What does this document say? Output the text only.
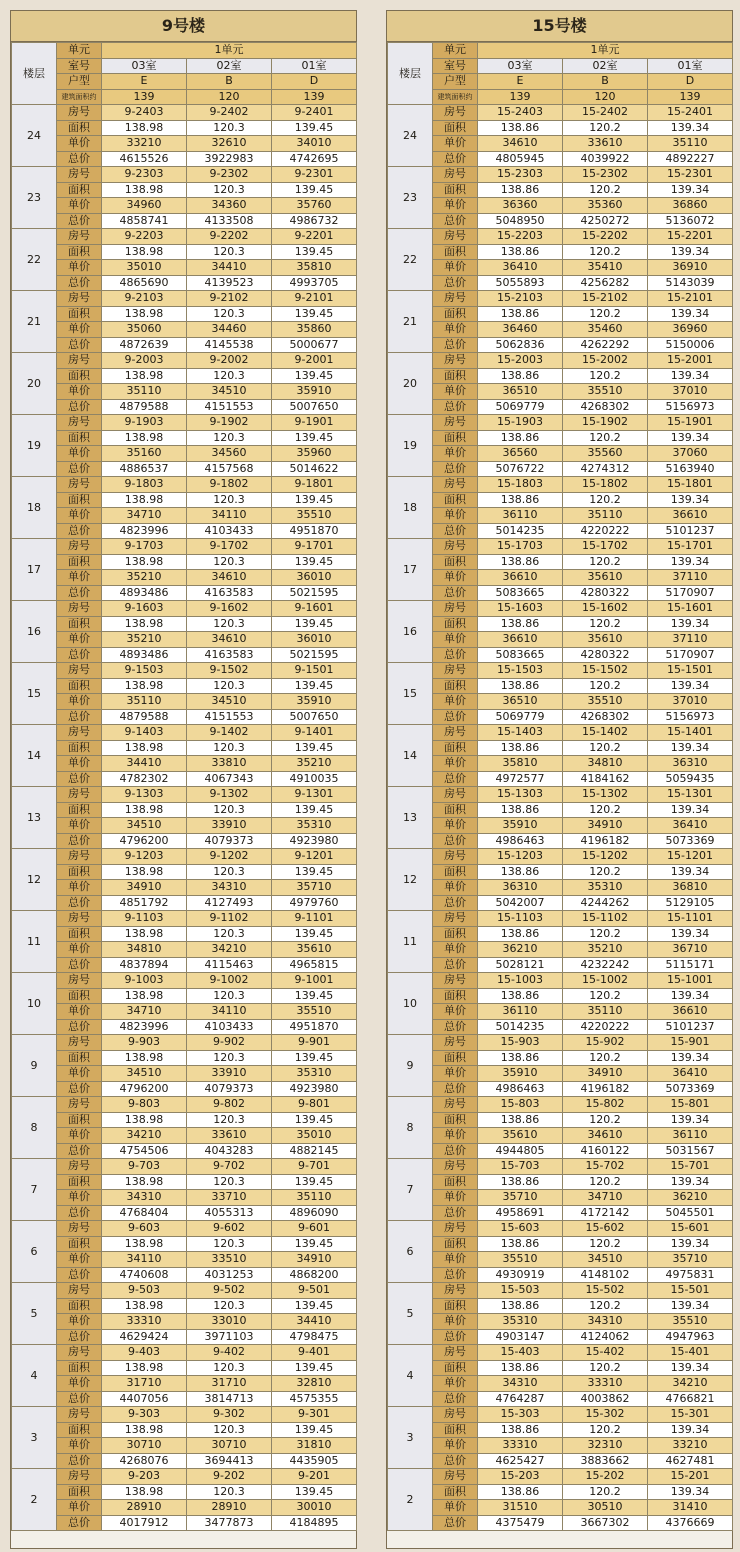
9号楼
楼层	单元	1单元		
	室号	03室	02室	01室
	户型	E	B	D
	建筑面积约	139	120	139
24	房号	9-2403	9-2402	9-2401
	面积	138.98	120.3	139.45
	单价	33210	32610	34010
	总价	4615526	3922983	4742695
23	房号	9-2303	9-2302	9-2301
	面积	138.98	120.3	139.45
	单价	34960	34360	35760
	总价	4858741	4133508	4986732
22	房号	9-2203	9-2202	9-2201
	面积	138.98	120.3	139.45
	单价	35010	34410	35810
	总价	4865690	4139523	4993705
21	房号	9-2103	9-2102	9-2101
	面积	138.98	120.3	139.45
	单价	35060	34460	35860
	总价	4872639	4145538	5000677
20	房号	9-2003	9-2002	9-2001
	面积	138.98	120.3	139.45
	单价	35110	34510	35910
	总价	4879588	4151553	5007650
19	房号	9-1903	9-1902	9-1901
	面积	138.98	120.3	139.45
	单价	35160	34560	35960
	总价	4886537	4157568	5014622
18	房号	9-1803	9-1802	9-1801
	面积	138.98	120.3	139.45
	单价	34710	34110	35510
	总价	4823996	4103433	4951870
17	房号	9-1703	9-1702	9-1701
	面积	138.98	120.3	139.45
	单价	35210	34610	36010
	总价	4893486	4163583	5021595
16	房号	9-1603	9-1602	9-1601
	面积	138.98	120.3	139.45
	单价	35210	34610	36010
	总价	4893486	4163583	5021595
15	房号	9-1503	9-1502	9-1501
	面积	138.98	120.3	139.45
	单价	35110	34510	35910
	总价	4879588	4151553	5007650
14	房号	9-1403	9-1402	9-1401
	面积	138.98	120.3	139.45
	单价	34410	33810	35210
	总价	4782302	4067343	4910035
13	房号	9-1303	9-1302	9-1301
	面积	138.98	120.3	139.45
	单价	34510	33910	35310
	总价	4796200	4079373	4923980
12	房号	9-1203	9-1202	9-1201
	面积	138.98	120.3	139.45
	单价	34910	34310	35710
	总价	4851792	4127493	4979760
11	房号	9-1103	9-1102	9-1101
	面积	138.98	120.3	139.45
	单价	34810	34210	35610
	总价	4837894	4115463	4965815
10	房号	9-1003	9-1002	9-1001
	面积	138.98	120.3	139.45
	单价	34710	34110	35510
	总价	4823996	4103433	4951870
9	房号	9-903	9-902	9-901
	面积	138.98	120.3	139.45
	单价	34510	33910	35310
	总价	4796200	4079373	4923980
8	房号	9-803	9-802	9-801
	面积	138.98	120.3	139.45
	单价	34210	33610	35010
	总价	4754506	4043283	4882145
7	房号	9-703	9-702	9-701
	面积	138.98	120.3	139.45
	单价	34310	33710	35110
	总价	4768404	4055313	4896090
6	房号	9-603	9-602	9-601
	面积	138.98	120.3	139.45
	单价	34110	33510	34910
	总价	4740608	4031253	4868200
5	房号	9-503	9-502	9-501
	面积	138.98	120.3	139.45
	单价	33310	33010	34410
	总价	4629424	3971103	4798475
4	房号	9-403	9-402	9-401
	面积	138.98	120.3	139.45
	单价	31710	31710	32810
	总价	4407056	3814713	4575355
3	房号	9-303	9-302	9-301
	面积	138.98	120.3	139.45
	单价	30710	30710	31810
	总价	4268076	3694413	4435905
2	房号	9-203	9-202	9-201
	面积	138.98	120.3	139.45
	单价	28910	28910	30010
	总价	4017912	3477873	4184895
15号楼
楼层	单元	1单元		
	室号	03室	02室	01室
	户型	E	B	D
	建筑面积约	139	120	139
24	房号	15-2403	15-2402	15-2401
	面积	138.86	120.2	139.34
	单价	34610	33610	35110
	总价	4805945	4039922	4892227
23	房号	15-2303	15-2302	15-2301
	面积	138.86	120.2	139.34
	单价	36360	35360	36860
	总价	5048950	4250272	5136072
22	房号	15-2203	15-2202	15-2201
	面积	138.86	120.2	139.34
	单价	36410	35410	36910
	总价	5055893	4256282	5143039
21	房号	15-2103	15-2102	15-2101
	面积	138.86	120.2	139.34
	单价	36460	35460	36960
	总价	5062836	4262292	5150006
20	房号	15-2003	15-2002	15-2001
	面积	138.86	120.2	139.34
	单价	36510	35510	37010
	总价	5069779	4268302	5156973
19	房号	15-1903	15-1902	15-1901
	面积	138.86	120.2	139.34
	单价	36560	35560	37060
	总价	5076722	4274312	5163940
18	房号	15-1803	15-1802	15-1801
	面积	138.86	120.2	139.34
	单价	36110	35110	36610
	总价	5014235	4220222	5101237
17	房号	15-1703	15-1702	15-1701
	面积	138.86	120.2	139.34
	单价	36610	35610	37110
	总价	5083665	4280322	5170907
16	房号	15-1603	15-1602	15-1601
	面积	138.86	120.2	139.34
	单价	36610	35610	37110
	总价	5083665	4280322	5170907
15	房号	15-1503	15-1502	15-1501
	面积	138.86	120.2	139.34
	单价	36510	35510	37010
	总价	5069779	4268302	5156973
14	房号	15-1403	15-1402	15-1401
	面积	138.86	120.2	139.34
	单价	35810	34810	36310
	总价	4972577	4184162	5059435
13	房号	15-1303	15-1302	15-1301
	面积	138.86	120.2	139.34
	单价	35910	34910	36410
	总价	4986463	4196182	5073369
12	房号	15-1203	15-1202	15-1201
	面积	138.86	120.2	139.34
	单价	36310	35310	36810
	总价	5042007	4244262	5129105
11	房号	15-1103	15-1102	15-1101
	面积	138.86	120.2	139.34
	单价	36210	35210	36710
	总价	5028121	4232242	5115171
10	房号	15-1003	15-1002	15-1001
	面积	138.86	120.2	139.34
	单价	36110	35110	36610
	总价	5014235	4220222	5101237
9	房号	15-903	15-902	15-901
	面积	138.86	120.2	139.34
	单价	35910	34910	36410
	总价	4986463	4196182	5073369
8	房号	15-803	15-802	15-801
	面积	138.86	120.2	139.34
	单价	35610	34610	36110
	总价	4944805	4160122	5031567
7	房号	15-703	15-702	15-701
	面积	138.86	120.2	139.34
	单价	35710	34710	36210
	总价	4958691	4172142	5045501
6	房号	15-603	15-602	15-601
	面积	138.86	120.2	139.34
	单价	35510	34510	35710
	总价	4930919	4148102	4975831
5	房号	15-503	15-502	15-501
	面积	138.86	120.2	139.34
	单价	35310	34310	35510
	总价	4903147	4124062	4947963
4	房号	15-403	15-402	15-401
	面积	138.86	120.2	139.34
	单价	34310	33310	34210
	总价	4764287	4003862	4766821
3	房号	15-303	15-302	15-301
	面积	138.86	120.2	139.34
	单价	33310	32310	33210
	总价	4625427	3883662	4627481
2	房号	15-203	15-202	15-201
	面积	138.86	120.2	139.34
	单价	31510	30510	31410
	总价	4375479	3667302	4376669
